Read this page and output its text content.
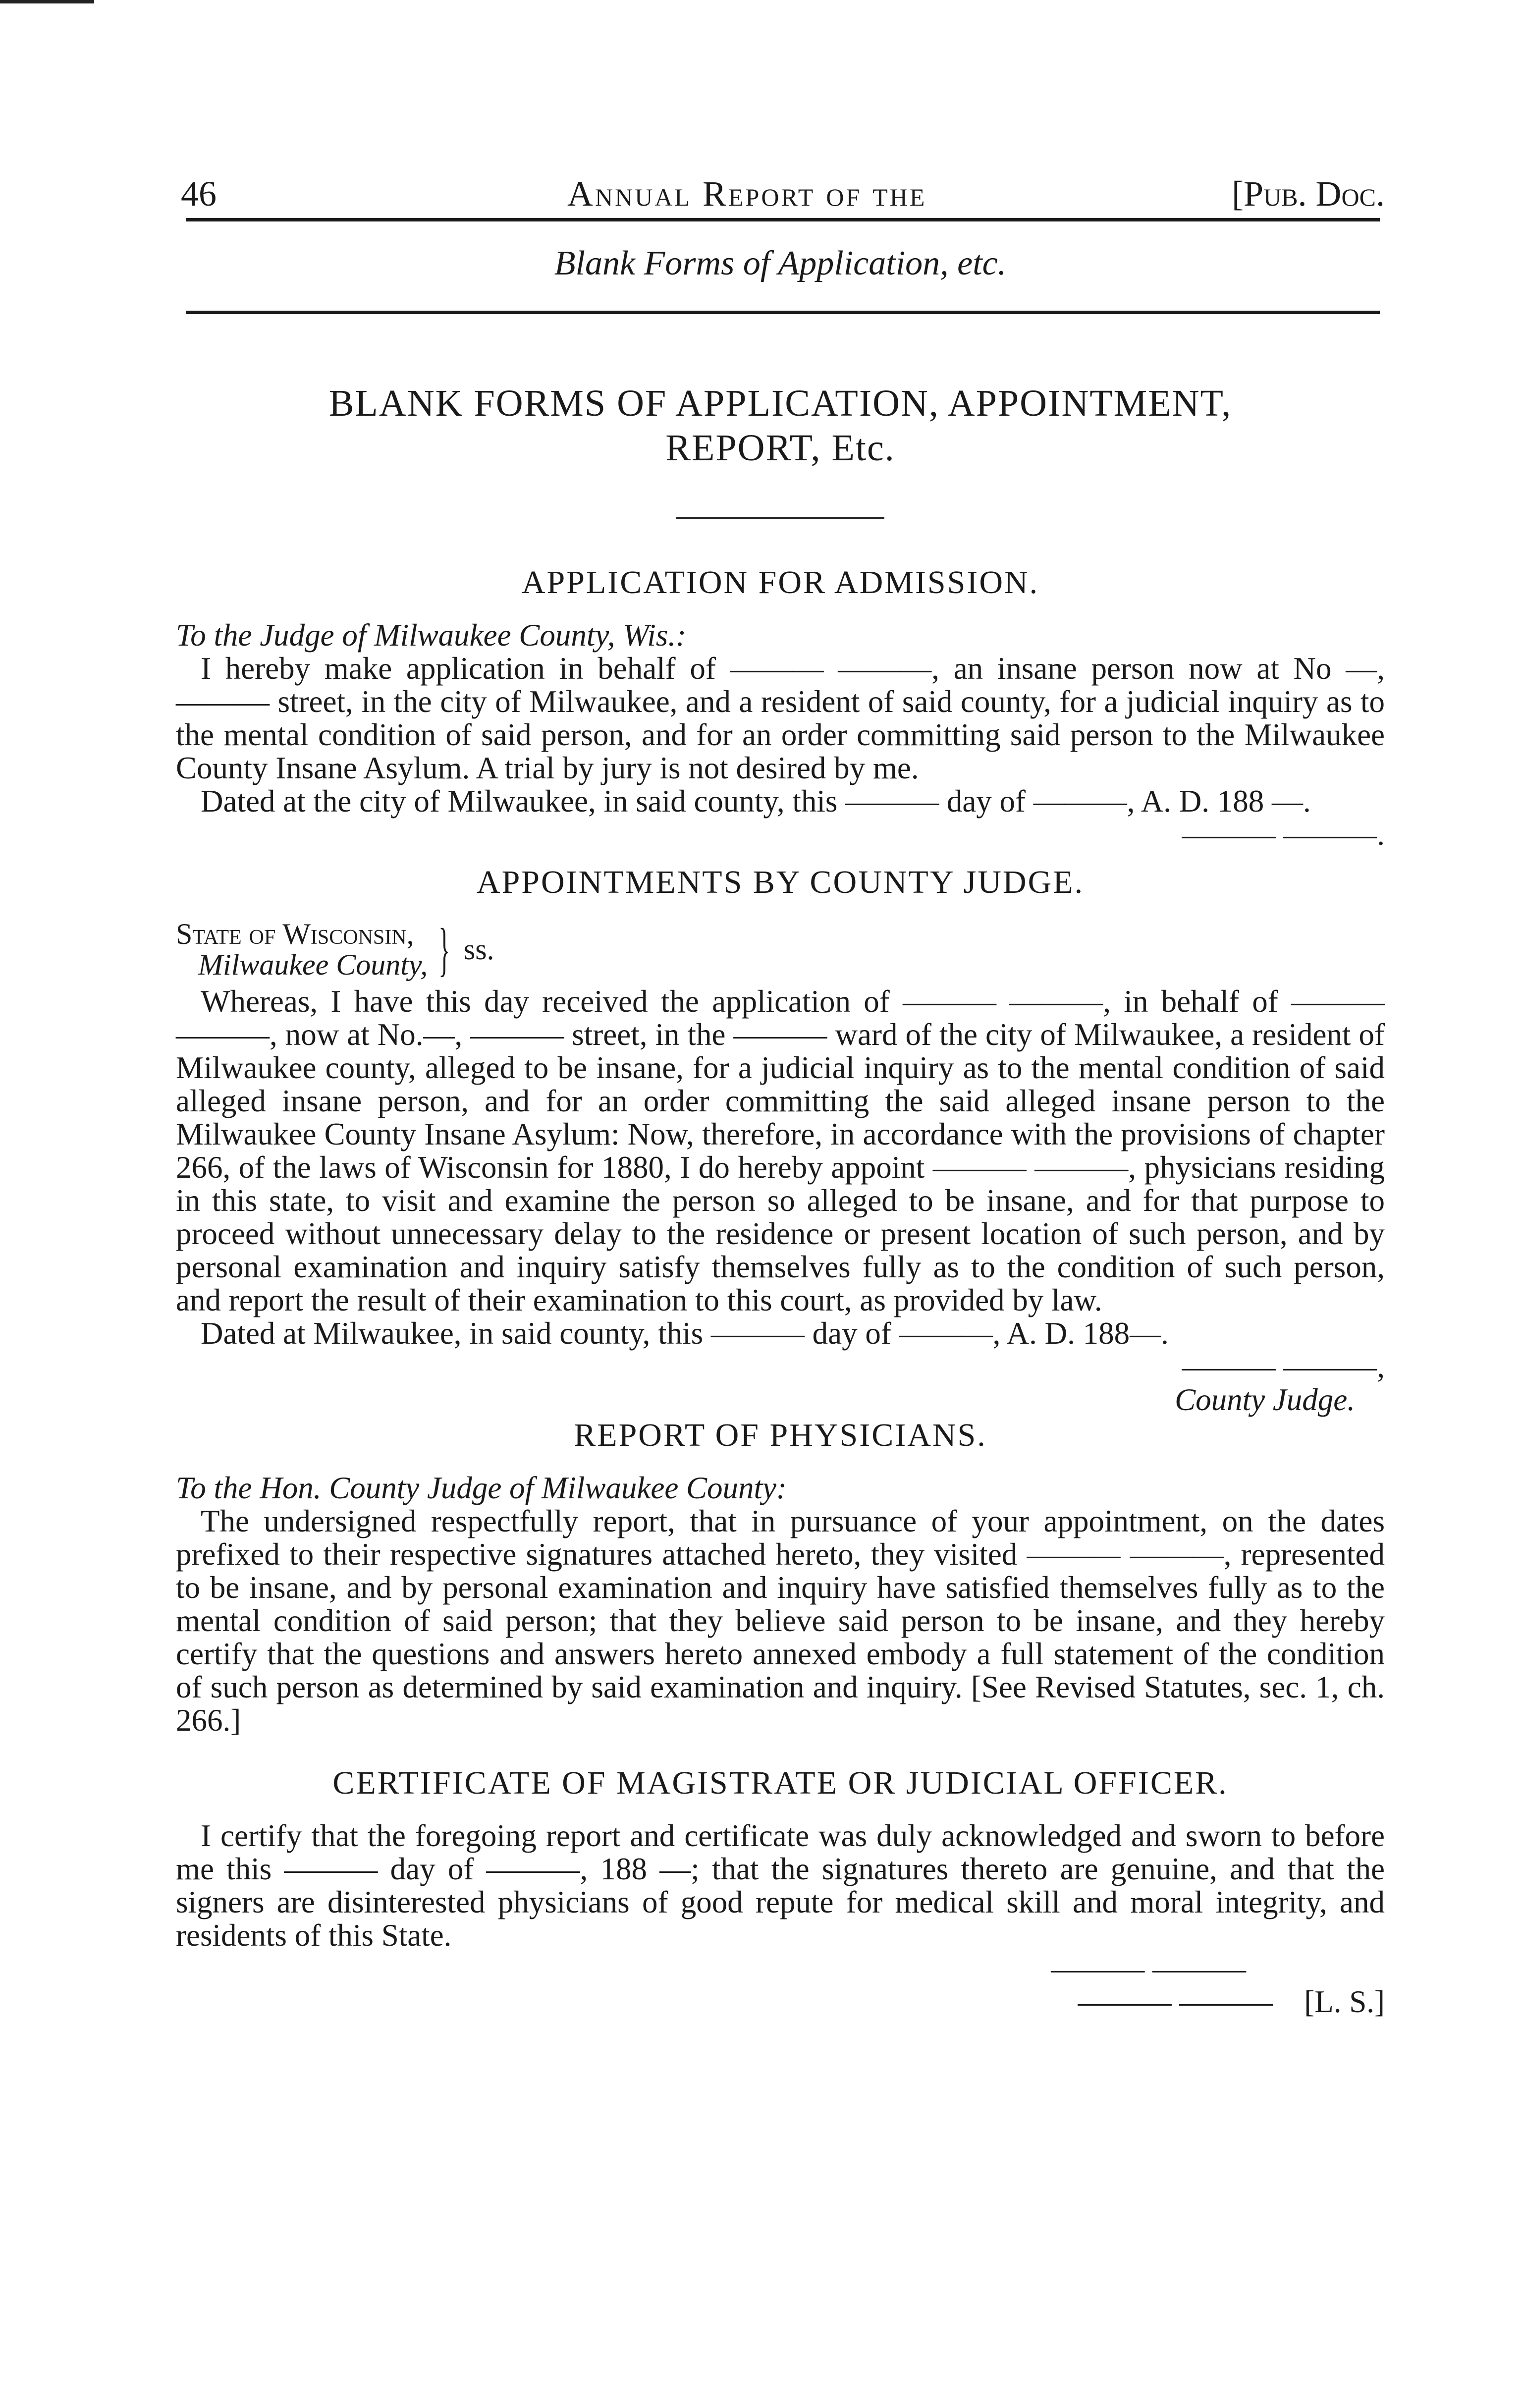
46	Annual Report of the	[Pub. Doc.
Blank Forms of Application, etc.
BLANK FORMS OF APPLICATION, APPOINTMENT,
REPORT, Etc.
APPLICATION FOR ADMISSION.
To the Judge of Milwaukee County, Wis.:

I hereby make application in behalf of ——— ———, an insane person now at No —, ——— street, in the city of Milwaukee, and a resident of said county, for a judicial inquiry as to the mental condition of said person, and for an order committing said person to the Milwaukee County Insane Asylum. A trial by jury is not desired by me.

Dated at the city of Milwaukee, in said county, this ——— day of ———, A. D. 188 —.

——— ———.
APPOINTMENTS BY COUNTY JUDGE.
State of Wisconsin,
Milwaukee County, } ss.

Whereas, I have this day received the application of ——— ———, in behalf of ——— ———, now at No.—, ——— street, in the ——— ward of the city of Milwaukee, a resident of Milwaukee county, alleged to be insane, for a judicial inquiry as to the mental condition of said alleged insane person, and for an order committing the said alleged insane person to the Milwaukee County Insane Asylum: Now, therefore, in accordance with the provisions of chapter 266, of the laws of Wisconsin for 1880, I do hereby appoint ——— ———, physicians residing in this state, to visit and examine the person so alleged to be insane, and for that purpose to proceed without unnecessary delay to the residence or present location of such person, and by personal examination and inquiry satisfy themselves fully as to the condition of such person, and report the result of their examination to this court, as provided by law.

Dated at Milwaukee, in said county, this ——— day of ———, A. D. 188—.

——— ———,
County Judge.
REPORT OF PHYSICIANS.
To the Hon. County Judge of Milwaukee County:

The undersigned respectfully report, that in pursuance of your appointment, on the dates prefixed to their respective signatures attached hereto, they visited ——— ———, represented to be insane, and by personal examination and inquiry have satisfied themselves fully as to the mental condition of said person; that they believe said person to be insane, and they hereby certify that the questions and answers hereto annexed embody a full statement of the condition of such person as determined by said examination and inquiry. [See Revised Statutes, sec. 1, ch. 266.]

CERTIFICATE OF MAGISTRATE OR JUDICIAL OFFICER.

I certify that the foregoing report and certificate was duly acknowledged and sworn to before me this ——— day of ———, 188 —; that the signatures thereto are genuine, and that the signers are disinterested physicians of good repute for medical skill and moral integrity, and residents of this State.

——— ———
——— ——— [L. S.]
